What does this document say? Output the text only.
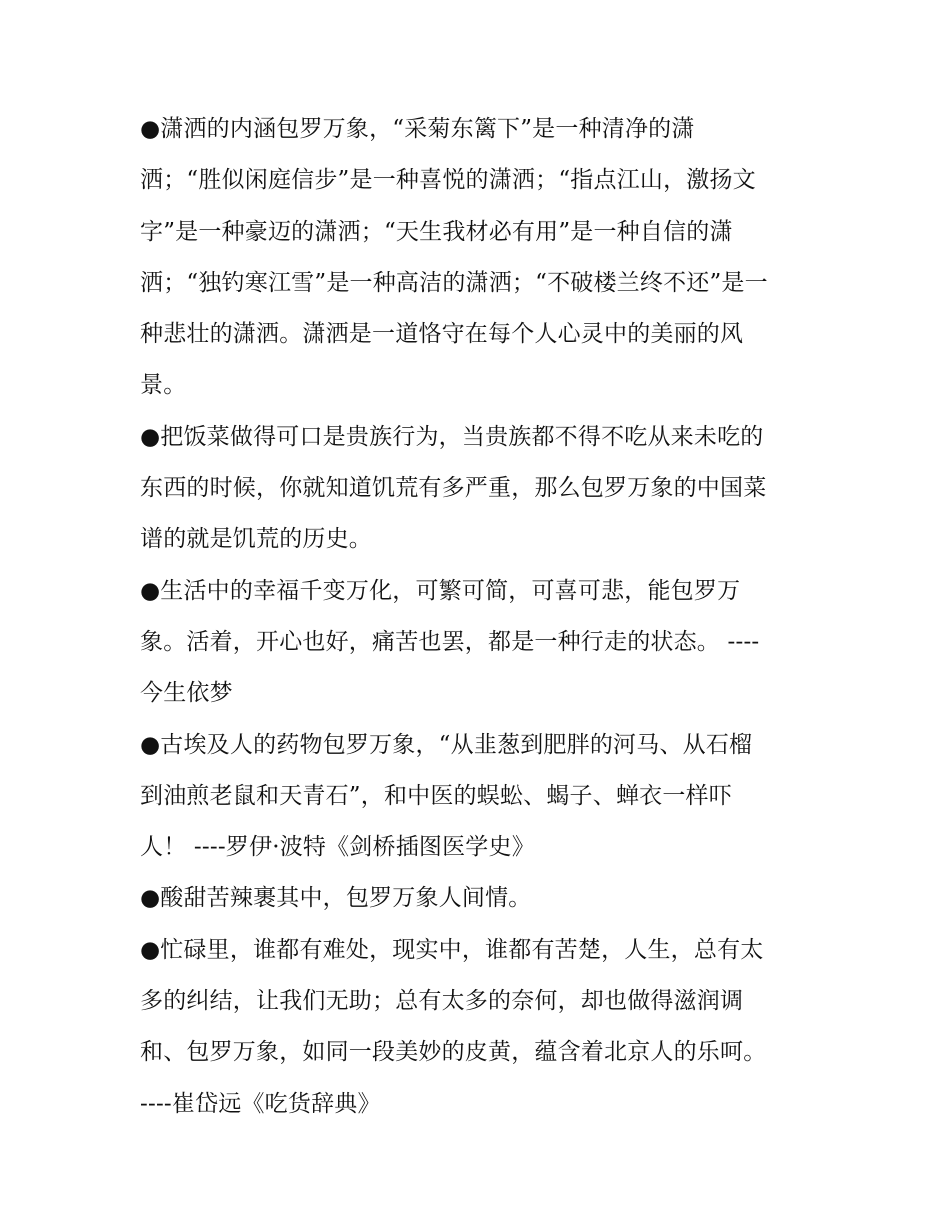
●潇洒的内涵包罗万象，“采菊东篱下”是一种清净的潇
洒；“胜似闲庭信步”是一种喜悦的潇洒；“指点江山，激扬文
字”是一种豪迈的潇洒；“天生我材必有用”是一种自信的潇
洒；“独钓寒江雪”是一种高洁的潇洒；“不破楼兰终不还”是一
种悲壮的潇洒。潇洒是一道恪守在每个人心灵中的美丽的风
景。
●把饭菜做得可口是贵族行为，当贵族都不得不吃从来未吃的
东西的时候，你就知道饥荒有多严重，那么包罗万象的中国菜
谱的就是饥荒的历史。
●生活中的幸福千变万化，可繁可简，可喜可悲，能包罗万
象。活着，开心也好，痛苦也罢，都是一种行走的状态。 ----
今生依梦
●古埃及人的药物包罗万象，“从韭葱到肥胖的河马、从石榴
到油煎老鼠和天青石”，和中医的蜈蚣、蝎子、蝉衣一样吓
人！ ----罗伊·波特《剑桥插图医学史》
●酸甜苦辣裹其中，包罗万象人间情。
●忙碌里，谁都有难处，现实中，谁都有苦楚，人生，总有太
多的纠结，让我们无助；总有太多的奈何，却也做得滋润调
和、包罗万象，如同一段美妙的皮黄，蕴含着北京人的乐呵。
----崔岱远《吃货辞典》
